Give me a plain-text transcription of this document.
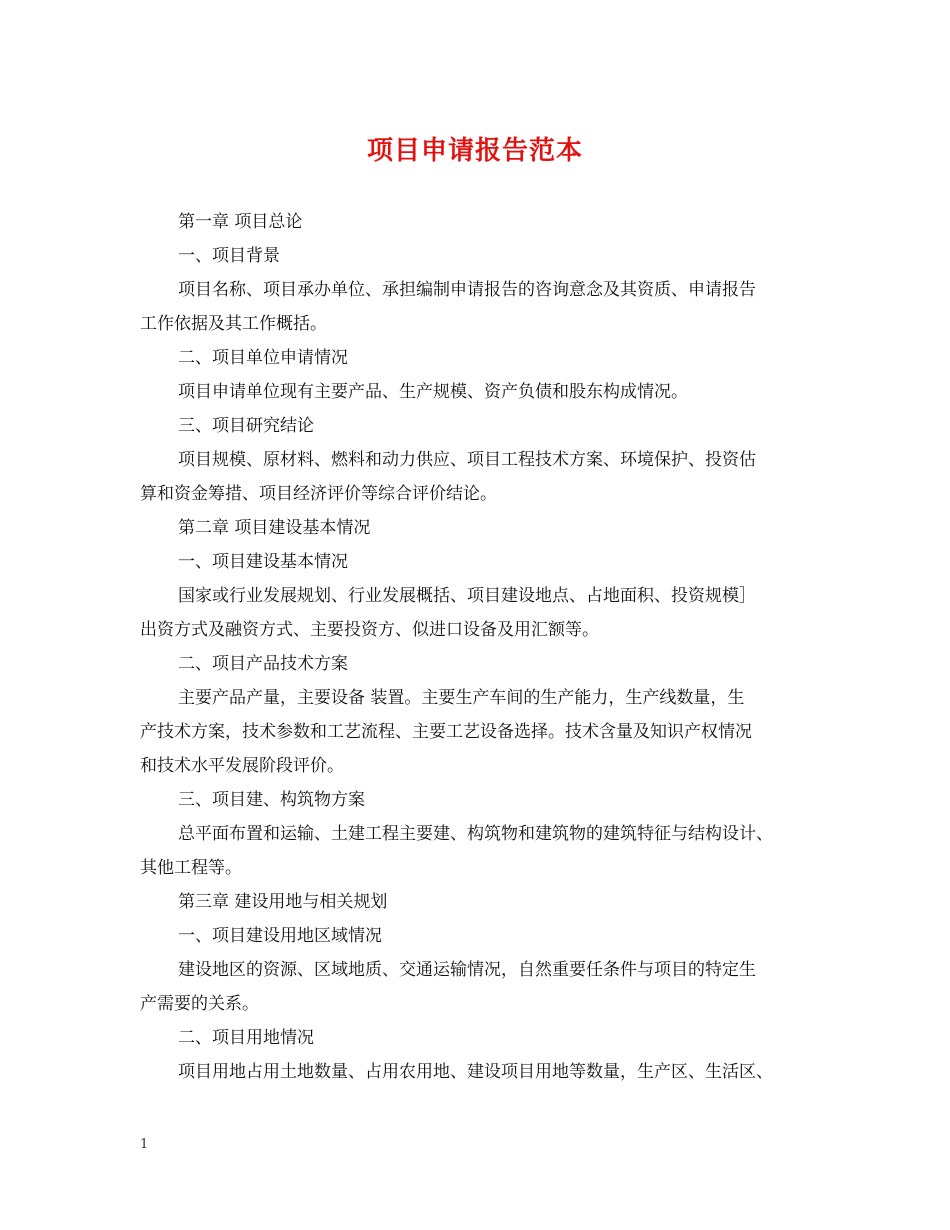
项目申请报告范本

第一章 项目总论

一、项目背景

项目名称、项目承办单位、承担编制申请报告的咨询意念及其资质、申请报告

工作依据及其工作概括。

二、项目单位申请情况

项目申请单位现有主要产品、生产规模、资产负债和股东构成情况。

三、项目研究结论

项目规模、原材料、燃料和动力供应、项目工程技术方案、环境保护、投资估

算和资金筹措、项目经济评价等综合评价结论。

第二章 项目建设基本情况

一、项目建设基本情况

国家或行业发展规划、行业发展概括、项目建设地点、占地面积、投资规模］

出资方式及融资方式、主要投资方、似进口设备及用汇额等。

二、项目产品技术方案

主要产品产量，主要设备 装置。主要生产车间的生产能力，生产线数量，生

产技术方案，技术参数和工艺流程、主要工艺设备选择。技术含量及知识产权情况

和技术水平发展阶段评价。

三、项目建、构筑物方案

总平面布置和运输、土建工程主要建、构筑物和建筑物的建筑特征与结构设计、

其他工程等。

第三章 建设用地与相关规划

一、项目建设用地区域情况

建设地区的资源、区域地质、交通运输情况，自然重要任条件与项目的特定生

产需要的关系。

二、项目用地情况

项目用地占用土地数量、占用农用地、建设项目用地等数量，生产区、生活区、

1
